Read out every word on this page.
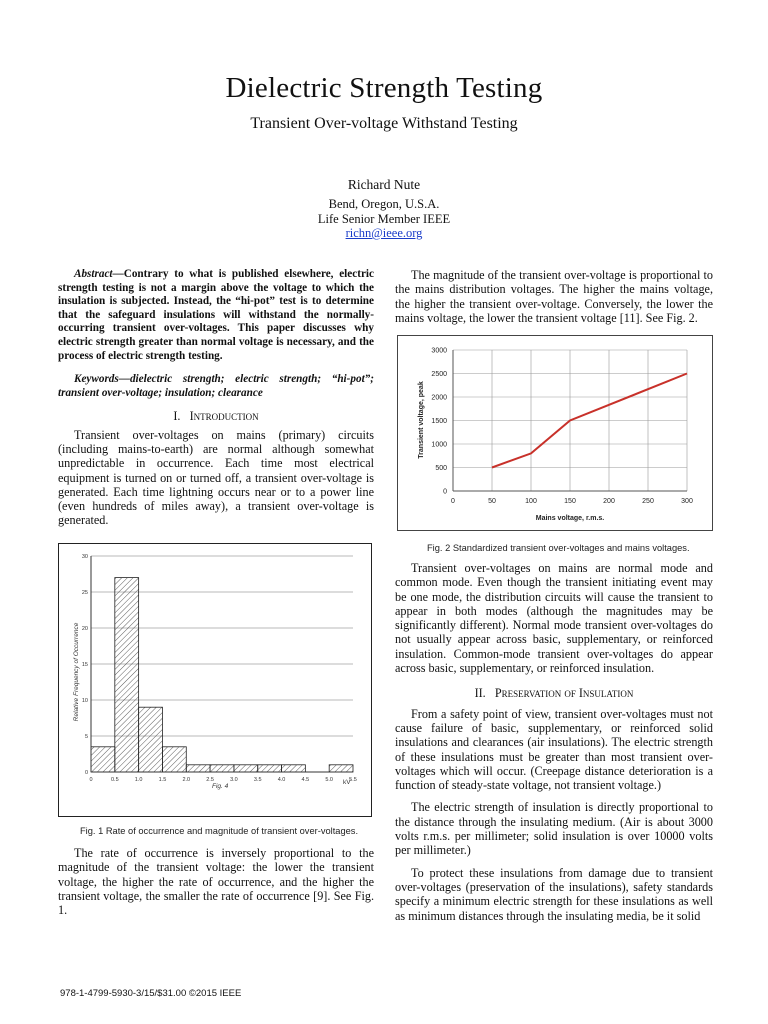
Dielectric Strength Testing
Transient Over-voltage Withstand Testing
Richard Nute
Bend, Oregon, U.S.A.
Life Senior Member IEEE
richn@ieee.org

Abstract—Contrary to what is published elsewhere, electric strength testing is not a margin above the voltage to which the insulation is subjected. Instead, the “hi-pot” test is to determine that the safeguard insulations will withstand the normally-occurring transient over-voltages. This paper discusses why electric strength greater than normal voltage is necessary, and the process of electric strength testing.

Keywords—dielectric strength; electric strength; “hi-pot”; transient over-voltage; insulation; clearance

I. Introduction

Transient over-voltages on mains (primary) circuits (including mains-to-earth) are normal although somewhat unpredictable in occurrence. Each time most electrical equipment is turned on or turned off, a transient over-voltage is generated. Each time lightning occurs near or to a power line (even hundreds of miles away), a transient over-voltage is generated.

0
5
10
15
20
25
30
0	0.5	1.0	1.5	2.0	2.5	3.0	3.5	4.0	4.5	5.0	5.5
Relative Frequency of Occurrence
kV
Fig. 4
Fig. 1 Rate of occurrence and magnitude of transient over-voltages.

The rate of occurrence is inversely proportional to the magnitude of the transient voltage: the lower the transient voltage, the higher the rate of occurrence, and the higher the transient voltage, the smaller the rate of occurrence [9]. See Fig. 1.

The magnitude of the transient over-voltage is proportional to the mains distribution voltages. The higher the mains voltage, the higher the transient over-voltage. Conversely, the lower the mains voltage, the lower the transient voltage [11]. See Fig. 2.

0
500
1000
1500
2000
2500
3000
0	50	100	150	200	250	300
Transient voltage, peak
Mains voltage, r.m.s.
Fig. 2 Standardized transient over-voltages and mains voltages.

Transient over-voltages on mains are normal mode and common mode. Even though the transient initiating event may be one mode, the distribution circuits will cause the transient to appear in both modes (although the magnitudes may be significantly different). Normal mode transient over-voltages do not usually appear across basic, supplementary, or reinforced insulation. Common-mode transient over-voltages do appear across basic, supplementary, or reinforced insulation.

II. Preservation of Insulation

From a safety point of view, transient over-voltages must not cause failure of basic, supplementary, or reinforced solid insulations and clearances (air insulations). The electric strength of these insulations must be greater than most transient over-voltages which will occur. (Creepage distance deterioration is a function of steady-state voltage, not transient voltage.)

The electric strength of insulation is directly proportional to the distance through the insulating medium. (Air is about 3000 volts r.m.s. per millimeter; solid insulation is over 10000 volts per millimeter.)

To protect these insulations from damage due to transient over-voltages (preservation of the insulations), safety standards specify a minimum electric strength for these insulations as well as minimum distances through the insulating media, be it solid

978-1-4799-5930-3/15/$31.00 ©2015 IEEE
